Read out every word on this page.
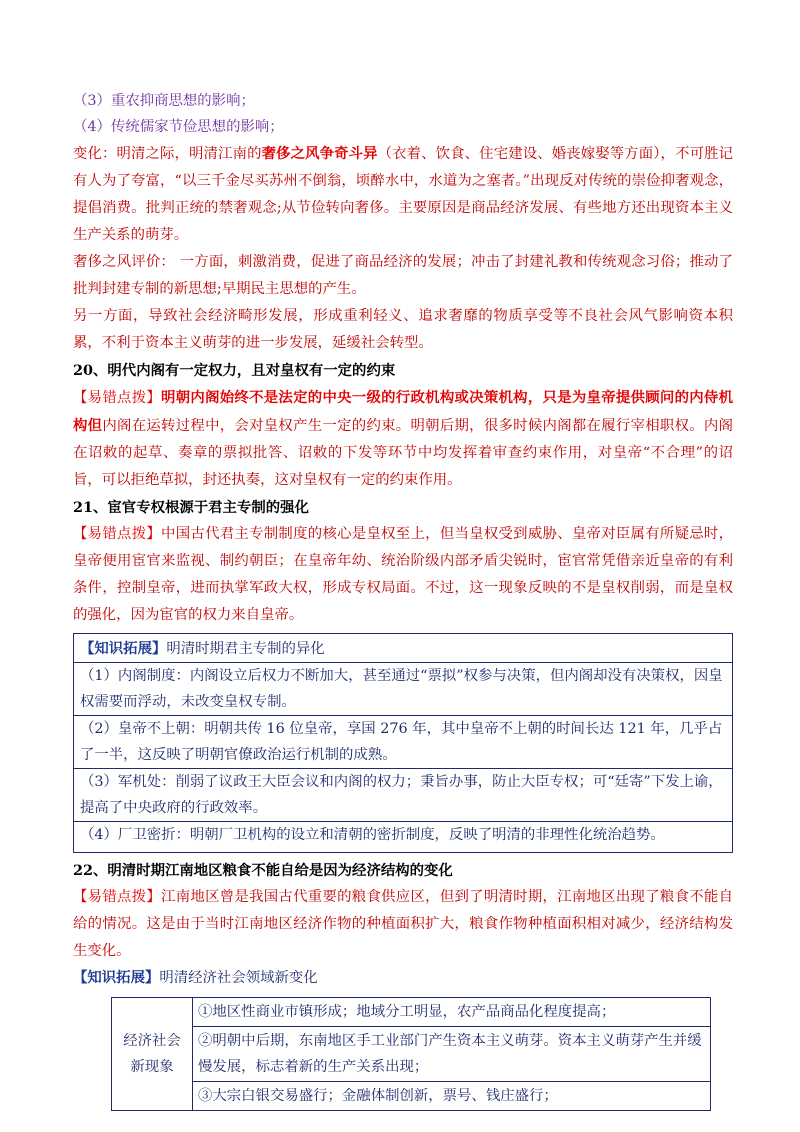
（3）重农抑商思想的影响；

（4）传统儒家节俭思想的影响；

变化：明清之际，明清江南的奢侈之风争奇斗异（衣着、饮食、住宅建设、婚丧嫁娶等方面），不可胜记有人为了夸富，“以三千金尽买苏州不倒翁，顷醉水中，水道为之塞者。”出现反对传统的崇俭抑奢观念，提倡消费。批判正统的禁奢观念;从节俭转向奢侈。主要原因是商品经济发展、有些地方还出现资本主义生产关系的萌芽。

奢侈之风评价： 一方面，刺激消费，促进了商品经济的发展；冲击了封建礼教和传统观念习俗；推动了批判封建专制的新思想;早期民主思想的产生。

另一方面，导致社会经济畸形发展，形成重利轻义、追求奢靡的物质享受等不良社会风气影响资本积累，不利于资本主义萌芽的进一步发展，延缓社会转型。

20、明代内阁有一定权力，且对皇权有一定的约束

【易错点拨】明朝内阁始终不是法定的中央一级的行政机构或决策机构，只是为皇帝提供顾问的内侍机构但内阁在运转过程中，会对皇权产生一定的约束。明朝后期，很多时候内阁都在履行宰相职权。内阁在诏敕的起草、奏章的票拟批答、诏敕的下发等环节中均发挥着审查约束作用，对皇帝“不合理”的诏旨，可以拒绝草拟，封还执奏，这对皇权有一定的约束作用。

21、宦官专权根源于君主专制的强化

【易错点拨】中国古代君主专制制度的核心是皇权至上，但当皇权受到威胁、皇帝对臣属有所疑忌时，皇帝便用宦官来监视、制约朝臣；在皇帝年幼、统治阶级内部矛盾尖锐时，宦官常凭借亲近皇帝的有利条件，控制皇帝，进而执掌军政大权，形成专权局面。不过，这一现象反映的不是皇权削弱，而是皇权的强化，因为宦官的权力来自皇帝。

【知识拓展】明清时期君主专制的异化

（1）内阁制度：内阁设立后权力不断加大，甚至通过“票拟”权参与决策，但内阁却没有决策权，因皇权需要而浮动，未改变皇权专制。

（2）皇帝不上朝：明朝共传 16 位皇帝，享国 276 年，其中皇帝不上朝的时间长达 121 年，几乎占了一半，这反映了明朝官僚政治运行机制的成熟。

（3）军机处：削弱了议政王大臣会议和内阁的权力；秉旨办事，防止大臣专权；可“廷寄”下发上谕，提高了中央政府的行政效率。

（4）厂卫密折：明朝厂卫机构的设立和清朝的密折制度，反映了明清的非理性化统治趋势。

22、明清时期江南地区粮食不能自给是因为经济结构的变化

【易错点拨】江南地区曾是我国古代重要的粮食供应区，但到了明清时期，江南地区出现了粮食不能自给的情况。这是由于当时江南地区经济作物的种植面积扩大，粮食作物种植面积相对减少，经济结构发生变化。

【知识拓展】明清经济社会领域新变化

经济社会新现象	①地区性商业市镇形成；地域分工明显，农产品商品化程度提高；
②明朝中后期，东南地区手工业部门产生资本主义萌芽。资本主义萌芽产生并缓慢发展，标志着新的生产关系出现；
③大宗白银交易盛行；金融体制创新，票号、钱庄盛行；
